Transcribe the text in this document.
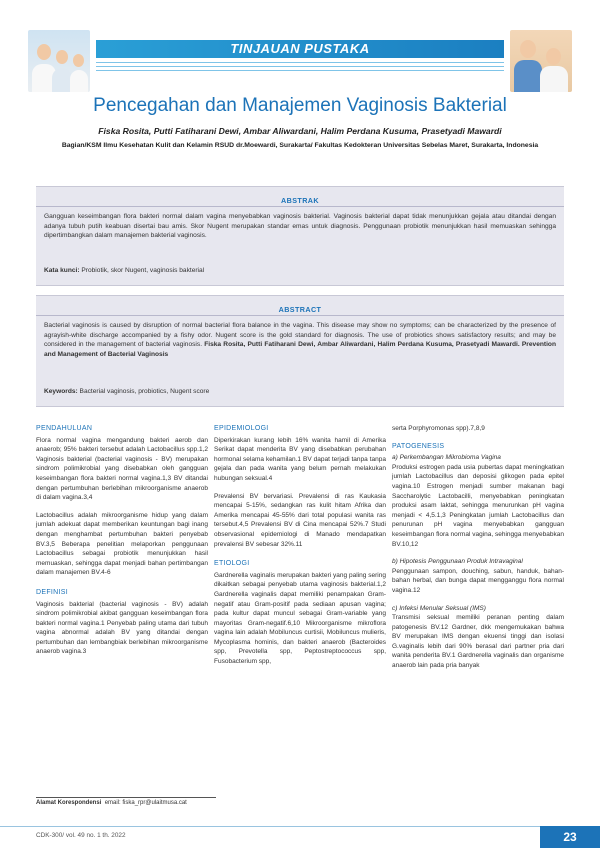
TINJAUAN PUSTAKA
Pencegahan dan Manajemen Vaginosis Bakterial
Fiska Rosita, Putti Fatiharani Dewi, Ambar Aliwardani, Halim Perdana Kusuma, Prasetyadi Mawardi
Bagian/KSM Ilmu Kesehatan Kulit dan Kelamin RSUD dr.Moewardi, Surakarta/ Fakultas Kedokteran Universitas Sebelas Maret, Surakarta, Indonesia
ABSTRAK
Gangguan keseimbangan flora bakteri normal dalam vagina menyebabkan vaginosis bakterial. Vaginosis bakterial dapat tidak menunjukkan gejala atau ditandai dengan adanya tubuh putih keabuan disertai bau amis. Skor Nugent merupakan standar emas untuk diagnosis. Penggunaan probiotik menunjukkan hasil memuaskan sehingga dipertimbangkan dalam manajemen bakterial vaginosis.
Kata kunci: Probiotik, skor Nugent, vaginosis bakterial
ABSTRACT
Bacterial vaginosis is caused by disruption of normal bacterial flora balance in the vagina. This disease may show no symptoms; can be characterized by the presence of agrayish-white discharge accompanied by a fishy odor. Nugent score is the gold standard for diagnosis. The use of probiotics shows satisfactory results; and may be considered in the management of bacterial vaginosis. Fiska Rosita, Putti Fatiharani Dewi, Ambar Aliwardani, Halim Perdana Kusuma, Prasetyadi Mawardi. Prevention and Management of Bacterial Vaginosis
Keywords: Bacterial vaginosis, probiotics, Nugent score
PENDAHULUAN
Flora normal vagina mengandung bakteri aerob dan anaerob; 95% bakteri tersebut adalah Lactobacillus spp.1,2 Vaginosis bakterial (bacterial vaginosis - BV) merupakan sindrom polimikrobial yang disebabkan oleh gangguan keseimbangan flora bakteri normal vagina.1,3 BV ditandai dengan pertumbuhan berlebihan mikroorganisme anaerob di dalam vagina.3,4
Lactobacillus adalah mikroorganisme hidup yang dalam jumlah adekuat dapat memberikan keuntungan bagi inang dengan menghambat pertumbuhan bakteri penyebab BV.3,5 Beberapa penelitian melaporkan penggunaan Lactobacillus sebagai probiotik menunjukkan hasil memuaskan, sehingga dapat menjadi bahan pertimbangan dalam manajemen BV.4-6
DEFINISI
Vaginosis bakterial (bacterial vaginosis - BV) adalah sindrom polimikrobial akibat gangguan keseimbangan flora bakteri normal vagina.1 Penyebab paling utama dari tubuh vagina abnormal adalah BV yang ditandai dengan pertumbuhan dan lembangbiak berlebihan mikroorganisme anaerob vagina.3
EPIDEMIOLOGI
Diperkirakan kurang lebih 16% wanita hamil di Amerika Serikat dapat menderita BV yang disebabkan perubahan hormonal selama kehamilan.1 BV dapat terjadi tanpa tanpa gejala dan pada wanita yang belum pernah melakukan hubungan seksual.4
Prevalensi BV bervariasi. Prevalensi di ras Kaukasia mencapai 5-15%, sedangkan ras kulit hitam Afrika dan Amerika mencapai 45-55% dari total populasi wanita ras tersebut.4,5 Prevalensi BV di Cina mencapai 52%.7 Studi observasional epidemiologi di Manado mendapatkan prevalensi BV sebesar 32%.11
ETIOLOGI
Gardnerella vaginalis merupakan bakteri yang paling sering dikaitkan sebagai penyebab utama vaginosis bakterial.1,2 Gardnerella vaginalis dapat memiliki penampakan Gram-negatif atau Gram-positif pada sediaan apusan vagina; pada kultur dapat muncul sebagai Gram-variable yang mayoritas Gram-negatif.6,10 Mikroorganisme mikroflora vagina lain adalah Mobiluncus curtisii, Mobiluncus mulieris, Mycoplasma hominis, dan bakteri anaerob (Bacteroides spp, Prevotella spp, Peptostreptococcus spp, Fusobacterium spp,
serta Porphyromonas spp).7,8,9
PATOGENESIS
a) Perkembangan Mikrobioma Vagina
Produksi estrogen pada usia pubertas dapat meningkatkan jumlah Lactobacillus dan deposisi glikogen pada epitel vagina.10 Estrogen menjadi sumber makanan bagi Saccharolytic Lactobacilli, menyebabkan peningkatan produksi asam laktat, sehingga menurunkan pH vagina menjadi < 4,5.1,3 Peningkatan jumlah Lactobacillus dan penurunan pH vagina menyebabkan gangguan keseimbangan flora normal vagina, sehingga menyebabkan BV.10,12
b) Hipotesis Penggunaan Produk Intravaginal
Penggunaan sampon, douching, sabun, handuk, bahan-bahan herbal, dan bunga dapat mengganggu flora normal vagina.12
c) Infeksi Menular Seksual (IMS)
Transmisi seksual memiliki peranan penting dalam patogenesis BV.12 Gardner, dkk mengemukakan bahwa BV merupakan IMS dengan ekuensi tinggi dan isolasi G.vaginalis lebih dari 90% berasal dari partner pria dari wanita penderita BV.1 Gardnerella vaginalis dan organisme anaerob lain pada pria banyak
Alamat Korespondensi email: fiska_rpr@ulaitmusa.cat
CDK-300/ vol. 49 no. 1 th. 2022	23
